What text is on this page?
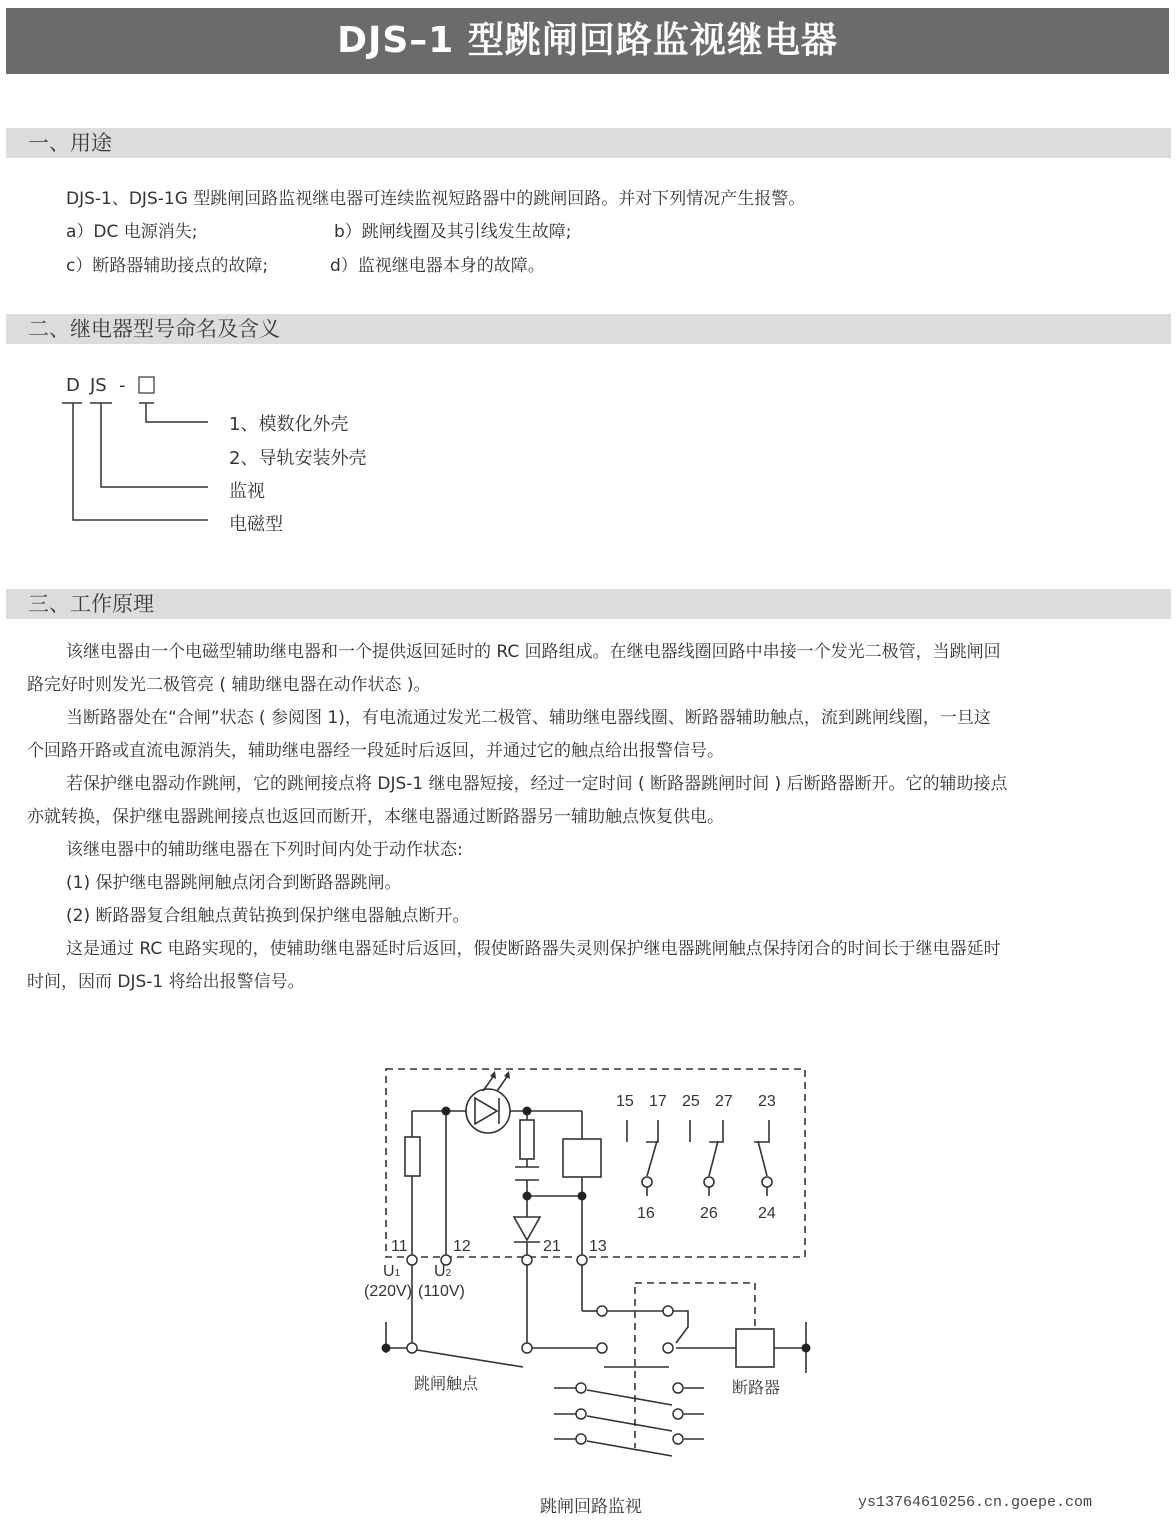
DJS–1 型跳闸回路监视继电器
一、用途
DJS-1、DJS-1G 型跳闸回路监视继电器可连续监视短路器中的跳闸回路。并对下列情况产生报警。
a）DC 电源消失;	b）跳闸线圈及其引线发生故障;
c）断路器辅助接点的故障;	d）监视继电器本身的故障。
二、继电器型号命名及含义
D JS -
1、模数化外壳
2、导轨安装外壳
监视
电磁型
三、工作原理
该继电器由一个电磁型辅助继电器和一个提供返回延时的 RC 回路组成。在继电器线圈回路中串接一个发光二极管，当跳闸回
路完好时则发光二极管亮 ( 辅助继电器在动作状态 )。
当断路器处在“合闸”状态 ( 参阅图 1)，有电流通过发光二极管、辅助继电器线圈、断路器辅助触点，流到跳闸线圈，一旦这
个回路开路或直流电源消失，辅助继电器经一段延时后返回，并通过它的触点给出报警信号。
若保护继电器动作跳闸，它的跳闸接点将 DJS-1 继电器短接，经过一定时间 ( 断路器跳闸时间 ) 后断路器断开。它的辅助接点
亦就转换，保护继电器跳闸接点也返回而断开，本继电器通过断路器另一辅助触点恢复供电。
该继电器中的辅助继电器在下列时间内处于动作状态:
(1) 保护继电器跳闸触点闭合到断路器跳闸。
(2) 断路器复合组触点黄钻换到保护继电器触点断开。
这是通过 RC 电路实现的，使辅助继电器延时后返回，假使断路器失灵则保护继电器跳闸触点保持闭合的时间长于继电器延时
时间，因而 DJS-1 将给出报警信号。
11	12	21 13
15 17 25 27 23
16	26	24
U1 U2
(220V) (110V)
跳闸触点	断路器
跳闸回路监视	ys13764610256.cn.goepe.com
